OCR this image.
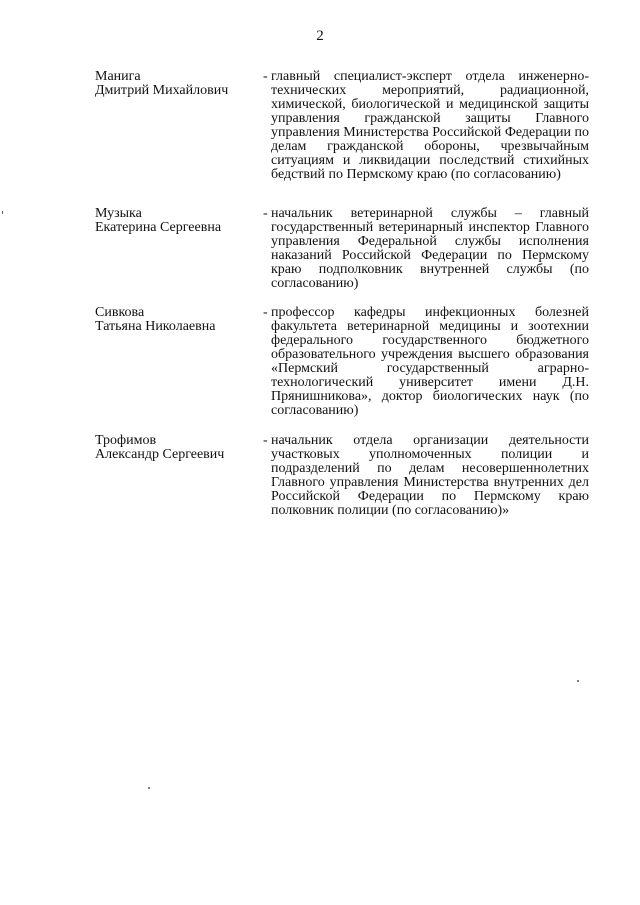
2
Манига
Дмитрий Михайлович
- главный специалист-эксперт отдела инженерно-технических мероприятий, радиационной, химической, биологической и медицинской защиты управления гражданской защиты Главного управления Министерства Российской Федерации по делам гражданской обороны, чрезвычайным ситуациям и ликвидации последствий стихийных бедствий по Пермскому краю (по согласованию)
Музыка
Екатерина Сергеевна
- начальник ветеринарной службы – главный государственный ветеринарный инспектор Главного управления Федеральной службы исполнения наказаний Российской Федерации по Пермскому краю подполковник внутренней службы (по согласованию)
Сивкова
Татьяна Николаевна
- профессор кафедры инфекционных болезней факультета ветеринарной медицины и зоотехнии федерального государственного бюджетного образовательного учреждения высшего образования «Пермский государственный аграрно-технологический университет имени Д.Н. Прянишникова», доктор биологических наук (по согласованию)
Трофимов
Александр Сергеевич
- начальник отдела организации деятельности участковых уполномоченных полиции и подразделений по делам несовершеннолетних Главного управления Министерства внутренних дел Российской Федерации по Пермскому краю полковник полиции (по согласованию)»
